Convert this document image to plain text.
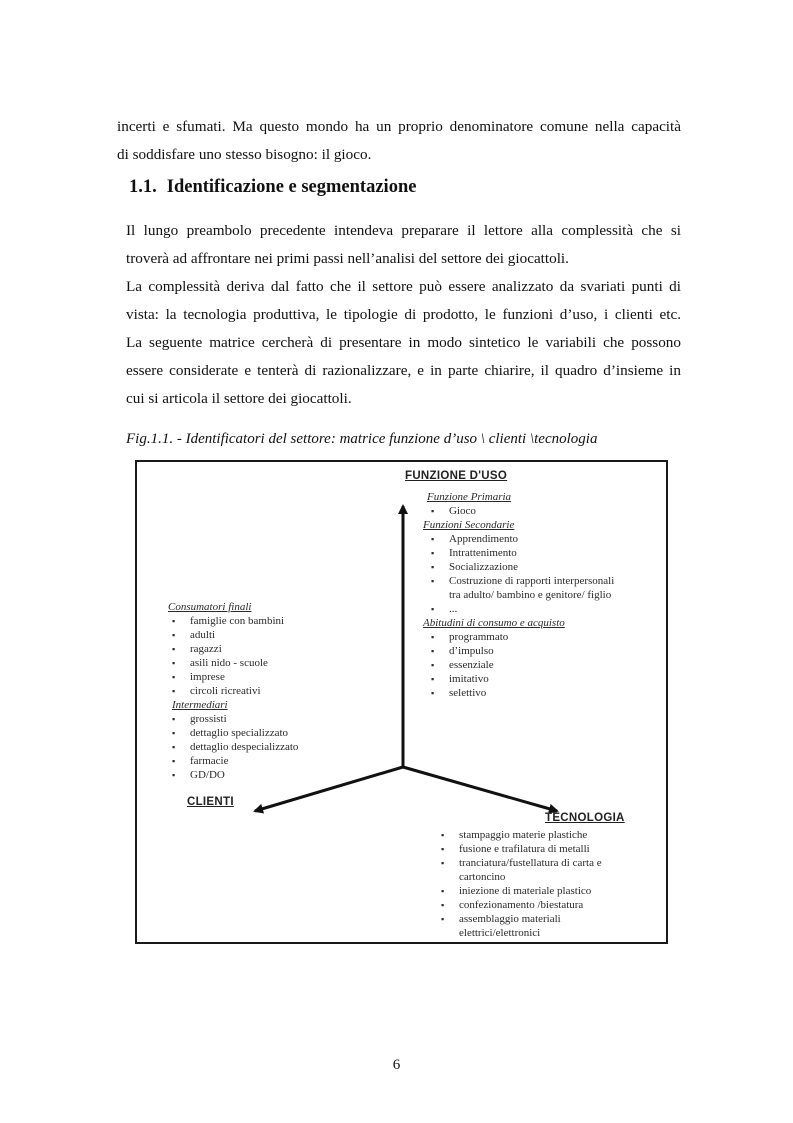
incerti e sfumati. Ma questo mondo ha un proprio denominatore comune nella capacità
di soddisfare uno stesso bisogno: il gioco.
1.1. Identificazione e segmentazione
Il lungo preambolo precedente intendeva preparare il lettore alla complessità che si
troverà ad affrontare nei primi passi nell’analisi del settore dei giocattoli.
La complessità deriva dal fatto che il settore può essere analizzato da svariati punti di
vista: la tecnologia produttiva, le tipologie di prodotto, le funzioni d’uso, i clienti etc.
La seguente matrice cercherà di presentare in modo sintetico le variabili che possono
essere considerate e tenterà di razionalizzare, e in parte chiarire, il quadro d’insieme in
cui si articola il settore dei giocattoli.
Fig.1.1. - Identificatori del settore: matrice funzione d’uso \ clienti \tecnologia
FUNZIONE D'USO
Funzione Primaria
▪ Gioco
Funzioni Secondarie
▪ Apprendimento
▪ Intrattenimento
▪ Socializzazione
▪ Costruzione di rapporti interpersonali tra adulto/ bambino e genitore/ figlio
▪ ...
Abitudini di consumo e acquisto
▪ programmato
▪ d’impulso
▪ essenziale
▪ imitativo
▪ selettivo
Consumatori finali
▪ famiglie con bambini
▪ adulti
▪ ragazzi
▪ asili nido - scuole
▪ imprese
▪ circoli ricreativi
Intermediari
▪ grossisti
▪ dettaglio specializzato
▪ dettaglio despecializzato
▪ farmacie
▪ GD/DO
CLIENTI
TECNOLOGIA
▪ stampaggio materie plastiche
▪ fusione e trafilatura di metalli
▪ tranciatura/fustellatura di carta e cartoncino
▪ iniezione di materiale plastico
▪ confezionamento /biestatura
▪ assemblaggio materiali elettrici/elettronici
6
